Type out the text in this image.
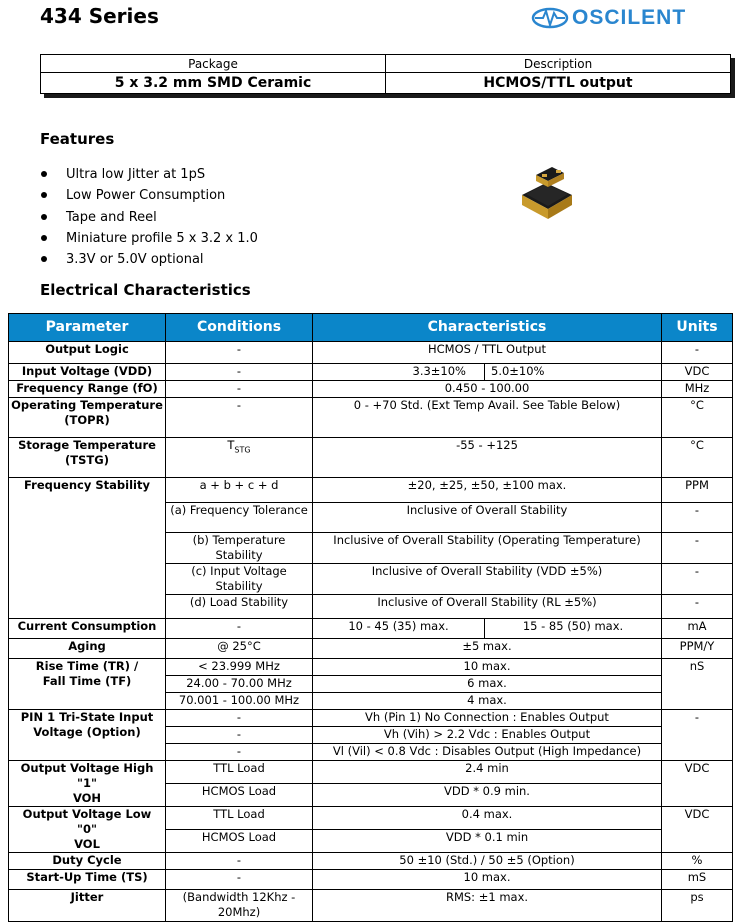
434 Series	OSCILENT
Package	Description
5 x 3.2 mm SMD Ceramic	HCMOS/TTL output
Features
Ultra low Jitter at 1pS
Low Power Consumption
Tape and Reel
Miniature profile 5 x 3.2 x 1.0
3.3V or 5.0V optional
Electrical Characteristics
Parameter	Conditions	Characteristics		Units
Output Logic	-	HCMOS / TTL Output		-
Input Voltage (VDD)	-	3.3±10%	5.0±10%	VDC
Frequency Range (fO)	-	0.450 - 100.00		MHz
Operating Temperature (TOPR)	-	0 - +70 Std. (Ext Temp Avail. See Table Below)		°C
Storage Temperature (TSTG)	$T_{STG}$	-55 - +125		°C
Frequency Stability	a + b + c + d	±20, ±25, ±50, ±100 max.		PPM
	(a) Frequency Tolerance	Inclusive of Overall Stability		-
	(b) Temperature Stability	Inclusive of Overall Stability (Operating Temperature)		-
	(c) Input Voltage Stability	Inclusive of Overall Stability (VDD ±5%)		-
	(d) Load Stability	Inclusive of Overall Stability (RL ±5%)		-
Current Consumption	-	10 - 45 (35) max.	15 - 85 (50) max.	mA
Aging	@ 25°C	±5 max.		PPM/Y

Rise Time (TR) /
Fall Time (TF)	< 23.999 MHz	10 max.		nS
	24.00 - 70.00 MHz	6 max.		
	70.001 - 100.00 MHz	4 max.		
PIN 1 Tri-State Input Voltage (Option)	-	Vh (Pin 1) No Connection : Enables Output		-
	-	Vh (Vih) > 2.2 Vdc : Enables Output		
	-	Vl (Vil) < 0.8 Vdc : Disables Output (High Impedance)		

Output Voltage High "1"
VOH	TTL Load	2.4 min		VDC
	HCMOS Load	VDD * 0.9 min.		

Output Voltage Low "0"
VOL	TTL Load	0.4 max.		VDC
	HCMOS Load	VDD * 0.1 min		
Duty Cycle	-	50 ±10 (Std.) / 50 ±5 (Option)		%
Start-Up Time (TS)	-	10 max.		mS
Jitter	(Bandwidth 12Khz - 20Mhz)	RMS: ±1 max.		ps
